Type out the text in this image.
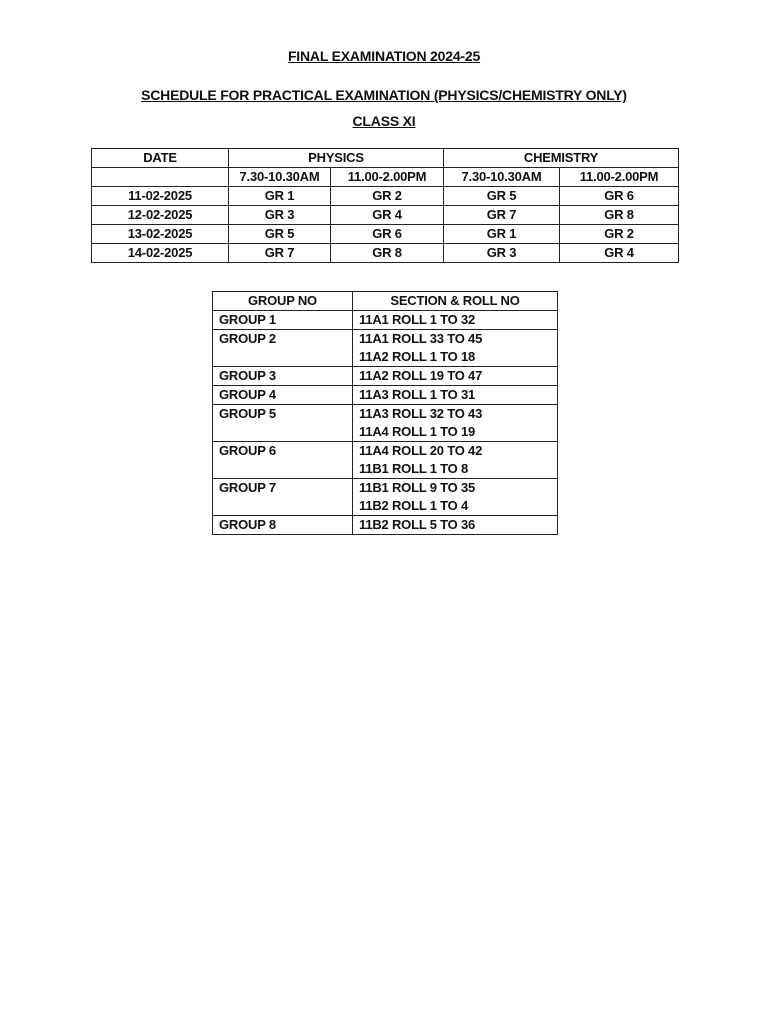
FINAL EXAMINATION 2024-25
SCHEDULE FOR PRACTICAL EXAMINATION (PHYSICS/CHEMISTRY ONLY)
CLASS XI
DATE	PHYSICS		CHEMISTRY	
	7.30-10.30AM	11.00-2.00PM	7.30-10.30AM	11.00-2.00PM
11-02-2025	GR 1	GR 2	GR 5	GR 6
12-02-2025	GR 3	GR 4	GR 7	GR 8
13-02-2025	GR 5	GR 6	GR 1	GR 2
14-02-2025	GR 7	GR 8	GR 3	GR 4
GROUP NO	SECTION & ROLL NO
GROUP 1	11A1 ROLL 1 TO 32

GROUP 2	11A1 ROLL 33 TO 45
11A2 ROLL 1 TO 18

GROUP 3	11A2 ROLL 19 TO 47

GROUP 4	11A3 ROLL 1 TO 31

GROUP 5	11A3 ROLL 32 TO 43
11A4 ROLL 1 TO 19

GROUP 6	11A4 ROLL 20 TO 42
11B1 ROLL 1 TO 8

GROUP 7	11B1 ROLL 9 TO 35
11B2 ROLL 1 TO 4

GROUP 8	11B2 ROLL 5 TO 36
